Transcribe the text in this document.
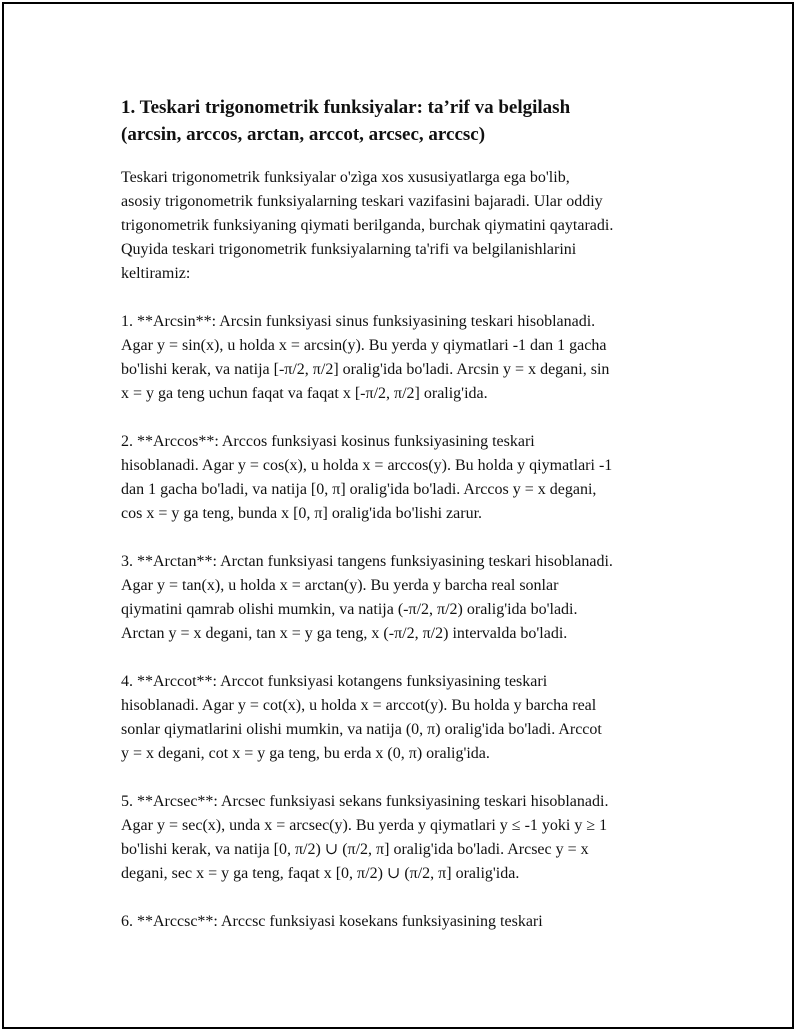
1. Teskari trigonometrik funksiyalar: ta’rif va belgilash
(arcsin, arccos, arctan, arccot, arcsec, arccsc)

Teskari trigonometrik funksiyalar o'zìga xos xususiyatlarga ega bo'lib,
asosiy trigonometrik funksiyalarning teskari vazifasini bajaradi. Ular oddiy
trigonometrik funksiyaning qiymati berilganda, burchak qiymatini qaytaradi.
Quyida teskari trigonometrik funksiyalarning ta'rifi va belgilanishlarini
keltiramiz:

1. **Arcsin**: Arcsin funksiyasi sinus funksiyasining teskari hisoblanadi.
Agar y = sin(x), u holda x = arcsin(y). Bu yerda y qiymatlari -1 dan 1 gacha
bo'lishi kerak, va natija [-π/2, π/2] oralig'ida bo'ladi. Arcsin y = x degani, sin
x = y ga teng uchun faqat va faqat x [-π/2, π/2] oralig'ida.

2. **Arccos**: Arccos funksiyasi kosinus funksiyasining teskari
hisoblanadi. Agar y = cos(x), u holda x = arccos(y). Bu holda y qiymatlari -1
dan 1 gacha bo'ladi, va natija [0, π] oralig'ida bo'ladi. Arccos y = x degani,
cos x = y ga teng, bunda x [0, π] oralig'ida bo'lishi zarur.

3. **Arctan**: Arctan funksiyasi tangens funksiyasining teskari hisoblanadi.
Agar y = tan(x), u holda x = arctan(y). Bu yerda y barcha real sonlar
qiymatini qamrab olishi mumkin, va natija (-π/2, π/2) oralig'ida bo'ladi.
Arctan y = x degani, tan x = y ga teng, x (-π/2, π/2) intervalda bo'ladi.

4. **Arccot**: Arccot funksiyasi kotangens funksiyasining teskari
hisoblanadi. Agar y = cot(x), u holda x = arccot(y). Bu holda y barcha real
sonlar qiymatlarini olishi mumkin, va natija (0, π) oralig'ida bo'ladi. Arccot
y = x degani, cot x = y ga teng, bu erda x (0, π) oralig'ida.

5. **Arcsec**: Arcsec funksiyasi sekans funksiyasining teskari hisoblanadi.
Agar y = sec(x), unda x = arcsec(y). Bu yerda y qiymatlari y ≤ -1 yoki y ≥ 1
bo'lishi kerak, va natija [0, π/2) ∪ (π/2, π] oralig'ida bo'ladi. Arcsec y = x
degani, sec x = y ga teng, faqat x [0, π/2) ∪ (π/2, π] oralig'ida.

6. **Arccsc**: Arccsc funksiyasi kosekans funksiyasining teskari
